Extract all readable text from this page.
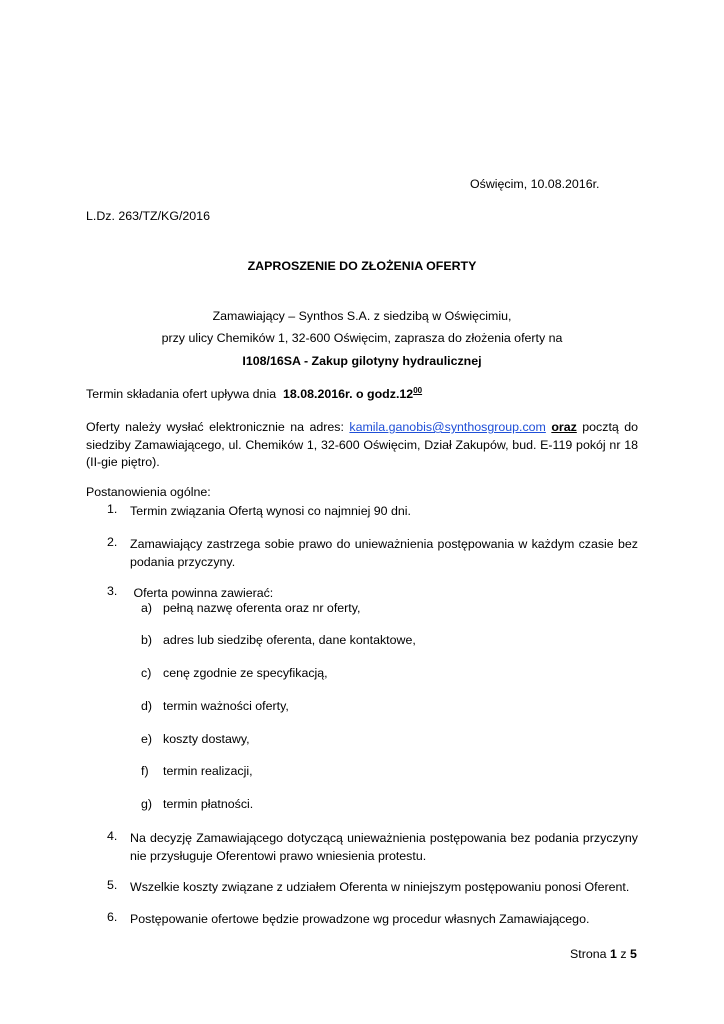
Oświęcim, 10.08.2016r.
L.Dz. 263/TZ/KG/2016
ZAPROSZENIE DO ZŁOŻENIA OFERTY
Zamawiający – Synthos S.A. z siedzibą w Oświęcimiu,
przy ulicy Chemików 1, 32-600 Oświęcim, zaprasza do złożenia oferty na
I108/16SA - Zakup gilotyny hydraulicznej
Termin składania ofert upływa dnia 18.08.2016r. o $godz.12^{00}$
Oferty należy wysłać elektronicznie na adres: kamila.ganobis@synthosgroup.com oraz pocztą do siedziby Zamawiającego, ul. Chemików 1, 32-600 Oświęcim, Dział Zakupów, bud. E-119 pokój nr 18 (II-gie piętro).
Postanowienia ogólne:
1. Termin związania Ofertą wynosi co najmniej 90 dni.
2. Zamawiający zastrzega sobie prawo do unieważnienia postępowania w każdym czasie bez podania przyczyny.
3. Oferta powinna zawierać:
a) pełną nazwę oferenta oraz nr oferty,
b) adres lub siedzibę oferenta, dane kontaktowe,
c) cenę zgodnie ze specyfikacją,
d) termin ważności oferty,
e) koszty dostawy,
f) termin realizacji,
g) termin płatności.
4. Na decyzję Zamawiającego dotyczącą unieważnienia postępowania bez podania przyczyny nie przysługuje Oferentowi prawo wniesienia protestu.
5. Wszelkie koszty związane z udziałem Oferenta w niniejszym postępowaniu ponosi Oferent.
6. Postępowanie ofertowe będzie prowadzone wg procedur własnych Zamawiającego.
Strona 1 z 5
